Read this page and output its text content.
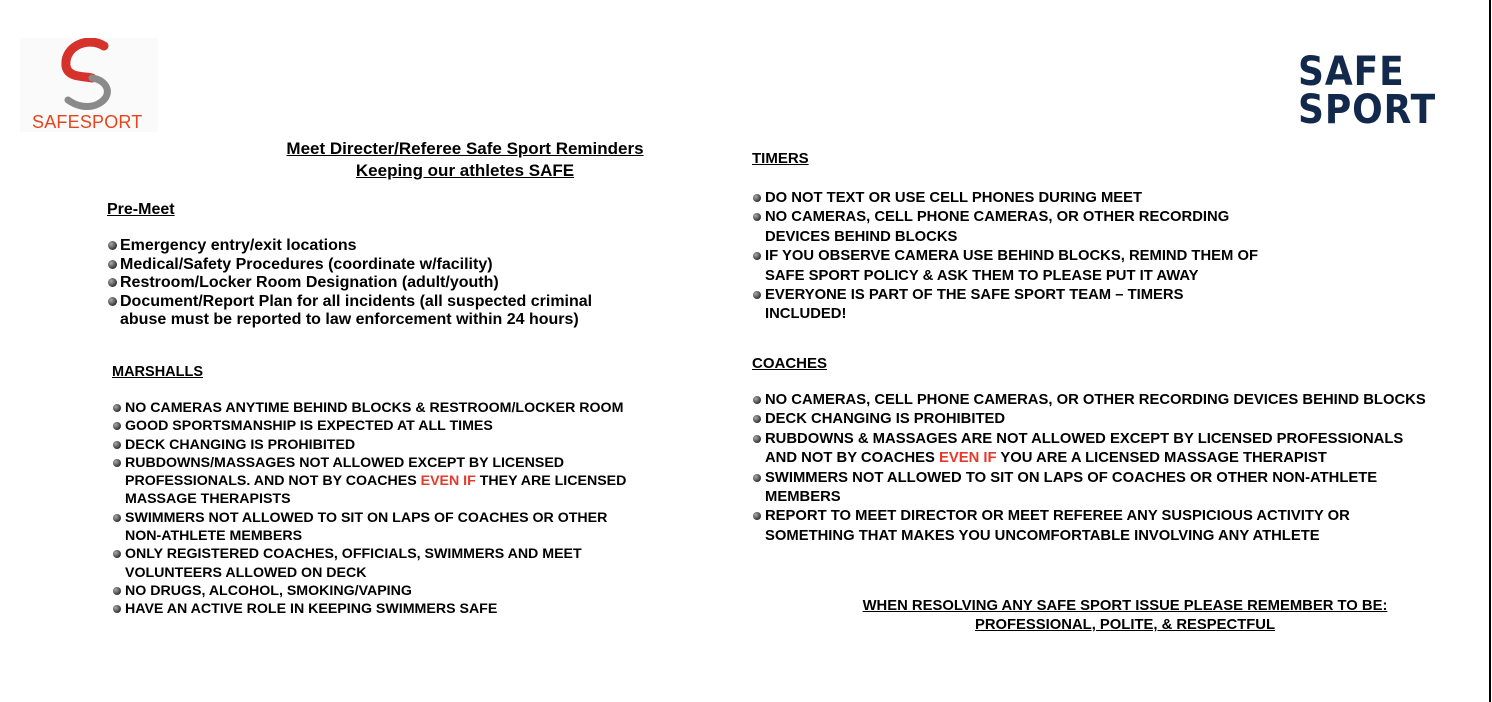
SAFESPORT
SAFE
SPORT
Meet Directer/Referee Safe Sport Reminders
Keeping our athletes SAFE
Pre-Meet
Emergency entry/exit locations
Medical/Safety Procedures (coordinate w/facility)
Restroom/Locker Room Designation (adult/youth)
Document/Report Plan for all incidents (all suspected criminal
abuse must be reported to law enforcement within 24 hours)
MARSHALLS
NO CAMERAS ANYTIME BEHIND BLOCKS & RESTROOM/LOCKER ROOM
GOOD SPORTSMANSHIP IS EXPECTED AT ALL TIMES
DECK CHANGING IS PROHIBITED
RUBDOWNS/MASSAGES NOT ALLOWED EXCEPT BY LICENSED
PROFESSIONALS. AND NOT BY COACHES EVEN IF THEY ARE LICENSED
MASSAGE THERAPISTS
SWIMMERS NOT ALLOWED TO SIT ON LAPS OF COACHES OR OTHER
NON-ATHLETE MEMBERS
ONLY REGISTERED COACHES, OFFICIALS, SWIMMERS AND MEET
VOLUNTEERS ALLOWED ON DECK
NO DRUGS, ALCOHOL, SMOKING/VAPING
HAVE AN ACTIVE ROLE IN KEEPING SWIMMERS SAFE
TIMERS
DO NOT TEXT OR USE CELL PHONES DURING MEET
NO CAMERAS, CELL PHONE CAMERAS, OR OTHER RECORDING
DEVICES BEHIND BLOCKS
IF YOU OBSERVE CAMERA USE BEHIND BLOCKS, REMIND THEM OF
SAFE SPORT POLICY & ASK THEM TO PLEASE PUT IT AWAY
EVERYONE IS PART OF THE SAFE SPORT TEAM – TIMERS
INCLUDED!
COACHES
NO CAMERAS, CELL PHONE CAMERAS, OR OTHER RECORDING DEVICES BEHIND BLOCKS
DECK CHANGING IS PROHIBITED
RUBDOWNS & MASSAGES ARE NOT ALLOWED EXCEPT BY LICENSED PROFESSIONALS
AND NOT BY COACHES EVEN IF YOU ARE A LICENSED MASSAGE THERAPIST
SWIMMERS NOT ALLOWED TO SIT ON LAPS OF COACHES OR OTHER NON-ATHLETE
MEMBERS
REPORT TO MEET DIRECTOR OR MEET REFEREE ANY SUSPICIOUS ACTIVITY OR
SOMETHING THAT MAKES YOU UNCOMFORTABLE INVOLVING ANY ATHLETE
WHEN RESOLVING ANY SAFE SPORT ISSUE PLEASE REMEMBER TO BE:
PROFESSIONAL, POLITE, & RESPECTFUL
